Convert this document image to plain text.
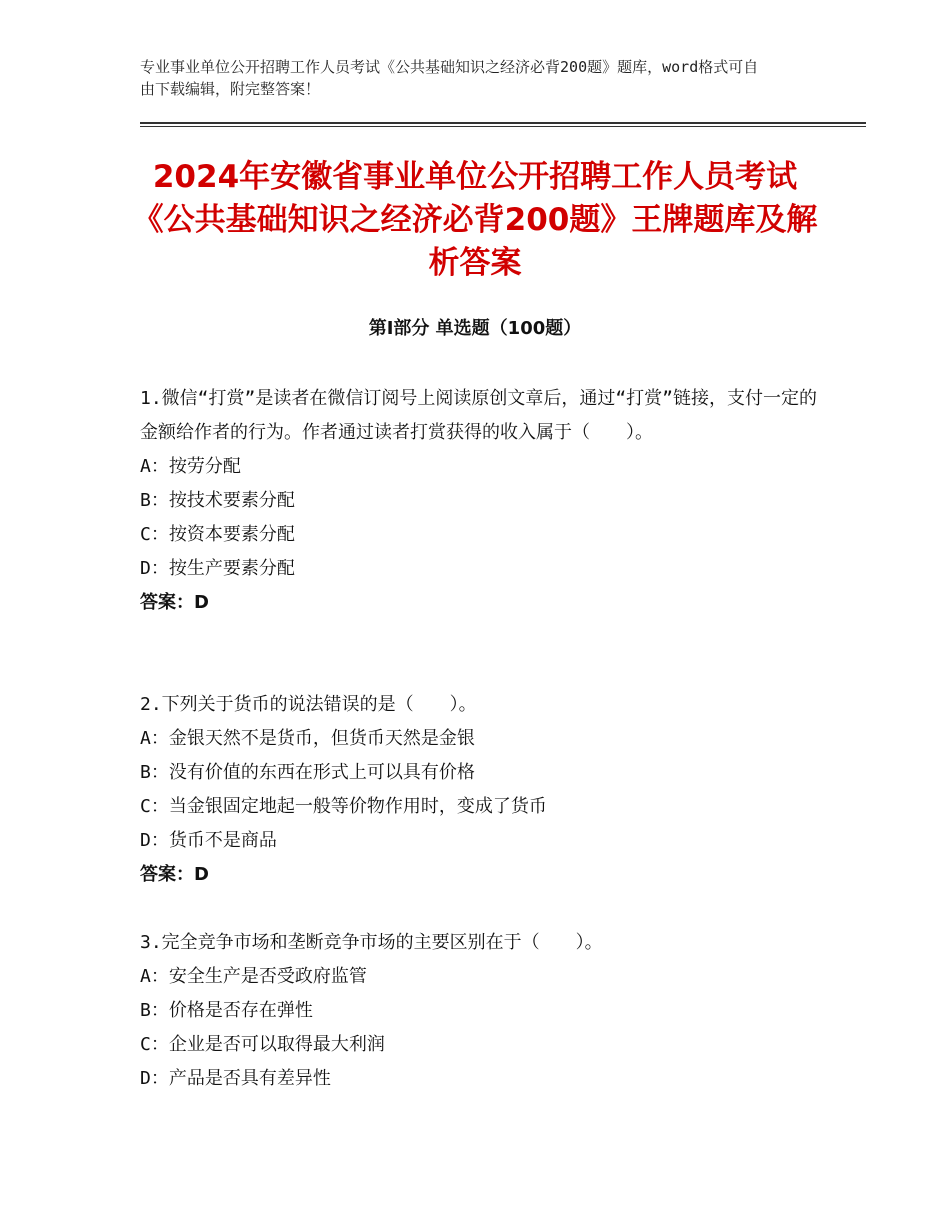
专业事业单位公开招聘工作人员考试《公共基础知识之经济必背200题》题库，word格式可自由下载编辑，附完整答案！
2024年安徽省事业单位公开招聘工作人员考试《公共基础知识之经济必背200题》王牌题库及解析答案
第Ⅰ部分 单选题（100题）

1.微信“打赏”是读者在微信订阅号上阅读原创文章后，通过“打赏”链接，支付一定的金额给作者的行为。作者通过读者打赏获得的收入属于（　　）。

A：按劳分配

B：按技术要素分配

C：按资本要素分配

D：按生产要素分配

答案：D

2.下列关于货币的说法错误的是（　　）。

A：金银天然不是货币，但货币天然是金银

B：没有价值的东西在形式上可以具有价格

C：当金银固定地起一般等价物作用时，变成了货币

D：货币不是商品

答案：D

3.完全竞争市场和垄断竞争市场的主要区别在于（　　）。

A：安全生产是否受政府监管

B：价格是否存在弹性

C：企业是否可以取得最大利润

D：产品是否具有差异性
